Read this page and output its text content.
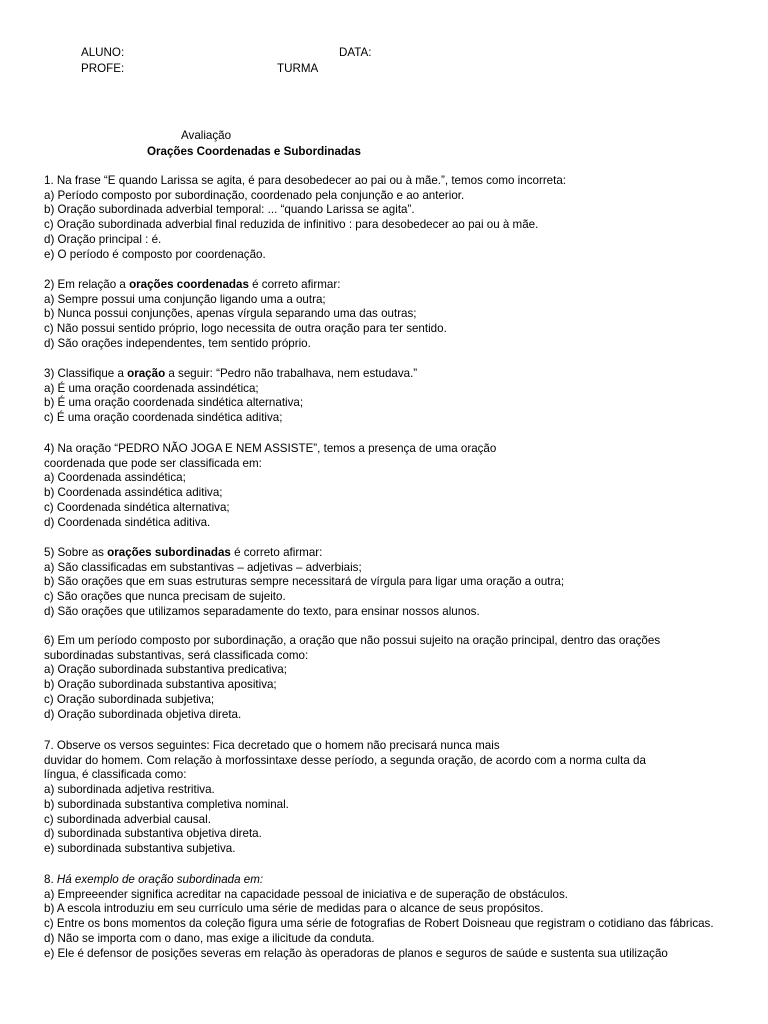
ALUNO:	DATA:
PROFE:	TURMA
Avaliação
Orações Coordenadas e Subordinadas
1. Na frase “E quando Larissa se agita, é para desobedecer ao pai ou à mãe.”, temos como incorreta:
a) Período composto por subordinação, coordenado pela conjunção e ao anterior.
b) Oração subordinada adverbial temporal: ... “quando Larissa se agita”.
c) Oração subordinada adverbial final reduzida de infinitivo : para desobedecer ao pai ou à mãe.
d) Oração principal : é.
e) O período é composto por coordenação.
2) Em relação a orações coordenadas é correto afirmar:
a) Sempre possui uma conjunção ligando uma a outra;
b) Nunca possui conjunções, apenas vírgula separando uma das outras;
c) Não possui sentido próprio, logo necessita de outra oração para ter sentido.
d) São orações independentes, tem sentido próprio.
3) Classifique a oração a seguir: “Pedro não trabalhava, nem estudava.”
a) É uma oração coordenada assindética;
b) É uma oração coordenada sindética alternativa;
c) É uma oração coordenada sindética aditiva;
4) Na oração “PEDRO NÃO JOGA E NEM ASSISTE”, temos a presença de uma oração
coordenada que pode ser classificada em:
a) Coordenada assindética;
b) Coordenada assindética aditiva;
c) Coordenada sindética alternativa;
d) Coordenada sindética aditiva.
5) Sobre as orações subordinadas é correto afirmar:
a) São classificadas em substantivas – adjetivas – adverbiais;
b) São orações que em suas estruturas sempre necessitará de vírgula para ligar uma oração a outra;
c) São orações que nunca precisam de sujeito.
d) São orações que utilizamos separadamente do texto, para ensinar nossos alunos.
6) Em um período composto por subordinação, a oração que não possui sujeito na oração principal, dentro das orações
subordinadas substantivas, será classificada como:
a) Oração subordinada substantiva predicativa;
b) Oração subordinada substantiva apositiva;
c) Oração subordinada subjetiva;
d) Oração subordinada objetiva direta.
7. Observe os versos seguintes: Fica decretado que o homem não precisará nunca mais
duvidar do homem. Com relação à morfossintaxe desse período, a segunda oração, de acordo com a norma culta da
língua, é classificada como:
a) subordinada adjetiva restritiva.
b) subordinada substantiva completiva nominal.
c) subordinada adverbial causal.
d) subordinada substantiva objetiva direta.
e) subordinada substantiva subjetiva.
8. Há exemplo de oração subordinada em:
a) Empreeender significa acreditar na capacidade pessoal de iniciativa e de superação de obstáculos.
b) A escola introduziu em seu currículo uma série de medidas para o alcance de seus propósitos.
c) Entre os bons momentos da coleção figura uma série de fotografias de Robert Doisneau que registram o cotidiano das fábricas.
d) Não se importa com o dano, mas exige a ilicitude da conduta.
e) Ele é defensor de posições severas em relação às operadoras de planos e seguros de saúde e sustenta sua utilização
